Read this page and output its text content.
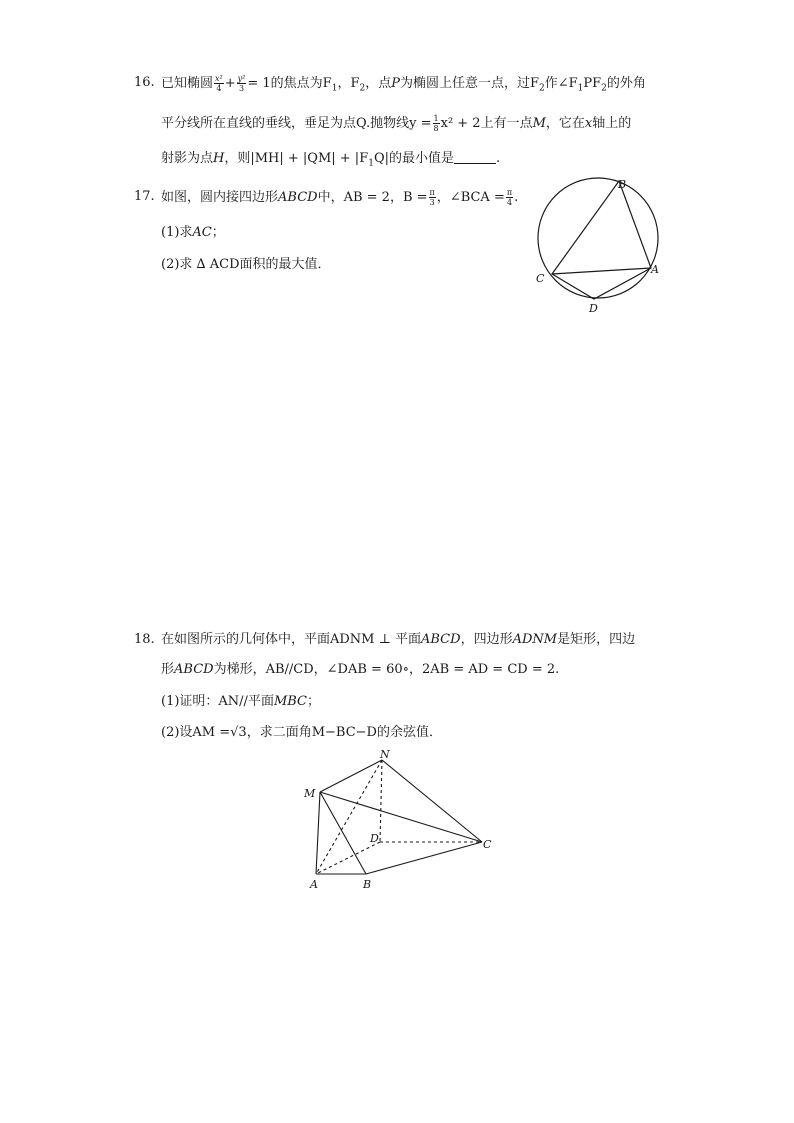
16. 已知椭圆 $\frac{\text{x²}}{4} + \frac{\text{y²}}{3} = 1$的焦点为$F_1$，$F_2$，点P为椭圆上任意一点，过$F_2$作$\angle F_1PF_2$的外角
平分线所在直线的垂线，垂足为点Q.抛物线$y = \frac{1}{8} x^2 + 2$上有一点M，它在x轴上的
射影为点H，则$|MH| + |QM| + |F_1Q|$的最小值是	.
17. 如图，圆内接四边形ABCD中，AB = 2，$B = \frac{\pi}{3}$ ，∠BCA = $\frac{\pi}{4}$ .
(1)求AC；
(2)求 ∆ ACD面积的最大值．
B
A
C
D
18. 在如图所示的几何体中，平面ADNM ⊥ 平面ABCD，四边形ADNM是矩形，四边
形ABCD为梯形，AB//CD，∠DAB = 60∘，2AB = AD = CD = 2.
(1)证明：AN//平面MBC；
(2)设AM =√3，求二面角M−BC−D的余弦值．
N
M
D	C
A	B
